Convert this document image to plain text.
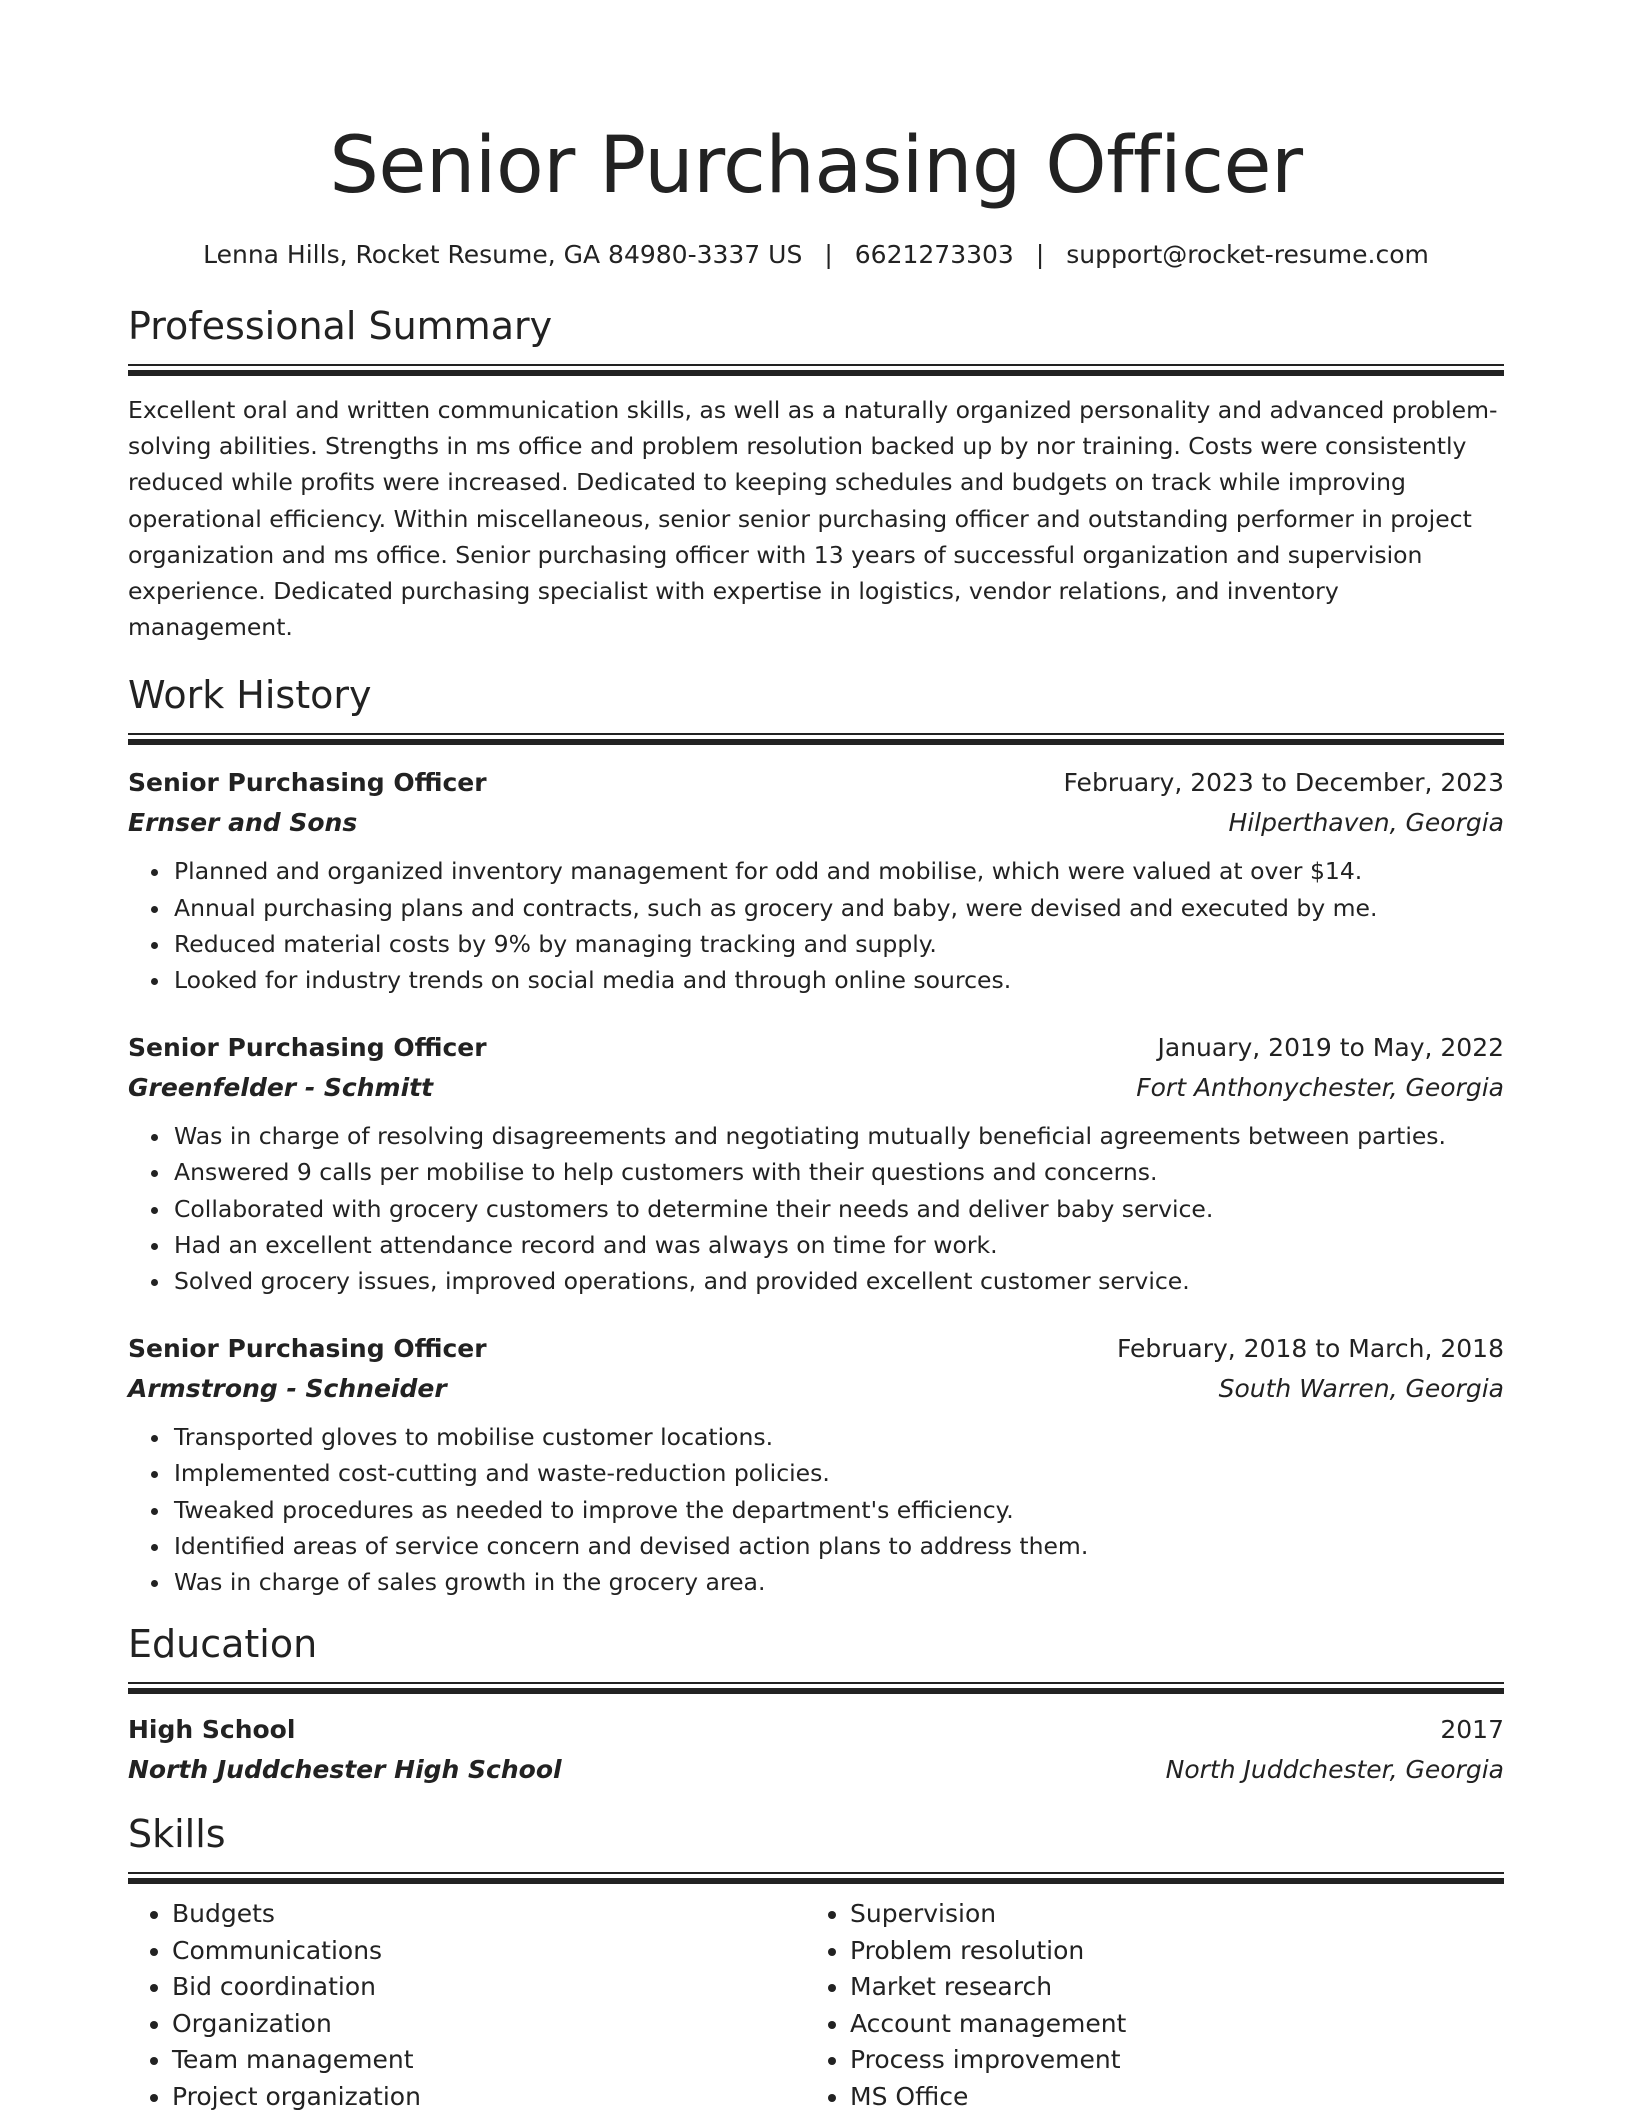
Senior Purchasing Officer
Lenna Hills, Rocket Resume, GA 84980-3337 US | 6621273303 | support@rocket-resume.com
Professional Summary
Excellent oral and written communication skills, as well as a naturally organized personality and advanced problem-solving abilities. Strengths in ms office and problem resolution backed up by nor training. Costs were consistently reduced while profits were increased. Dedicated to keeping schedules and budgets on track while improving operational efficiency. Within miscellaneous, senior senior purchasing officer and outstanding performer in project organization and ms office. Senior purchasing officer with 13 years of successful organization and supervision experience. Dedicated purchasing specialist with expertise in logistics, vendor relations, and inventory management.
Work History
Senior Purchasing Officer	February, 2023 to December, 2023
Ernser and Sons	Hilperthaven, Georgia
• Planned and organized inventory management for odd and mobilise, which were valued at over $14.
• Annual purchasing plans and contracts, such as grocery and baby, were devised and executed by me.
• Reduced material costs by 9% by managing tracking and supply.
• Looked for industry trends on social media and through online sources.
Senior Purchasing Officer	January, 2019 to May, 2022
Greenfelder - Schmitt	Fort Anthonychester, Georgia
• Was in charge of resolving disagreements and negotiating mutually beneficial agreements between parties.
• Answered 9 calls per mobilise to help customers with their questions and concerns.
• Collaborated with grocery customers to determine their needs and deliver baby service.
• Had an excellent attendance record and was always on time for work.
• Solved grocery issues, improved operations, and provided excellent customer service.
Senior Purchasing Officer	February, 2018 to March, 2018
Armstrong - Schneider	South Warren, Georgia
• Transported gloves to mobilise customer locations.
• Implemented cost-cutting and waste-reduction policies.
• Tweaked procedures as needed to improve the department's efficiency.
• Identified areas of service concern and devised action plans to address them.
• Was in charge of sales growth in the grocery area.
Education
High School	2017
North Juddchester High School	North Juddchester, Georgia
Skills
• Budgets
• Communications
• Bid coordination
• Organization
• Team management
• Project organization
• Supervision
• Problem resolution
• Market research
• Account management
• Process improvement
• MS Office
